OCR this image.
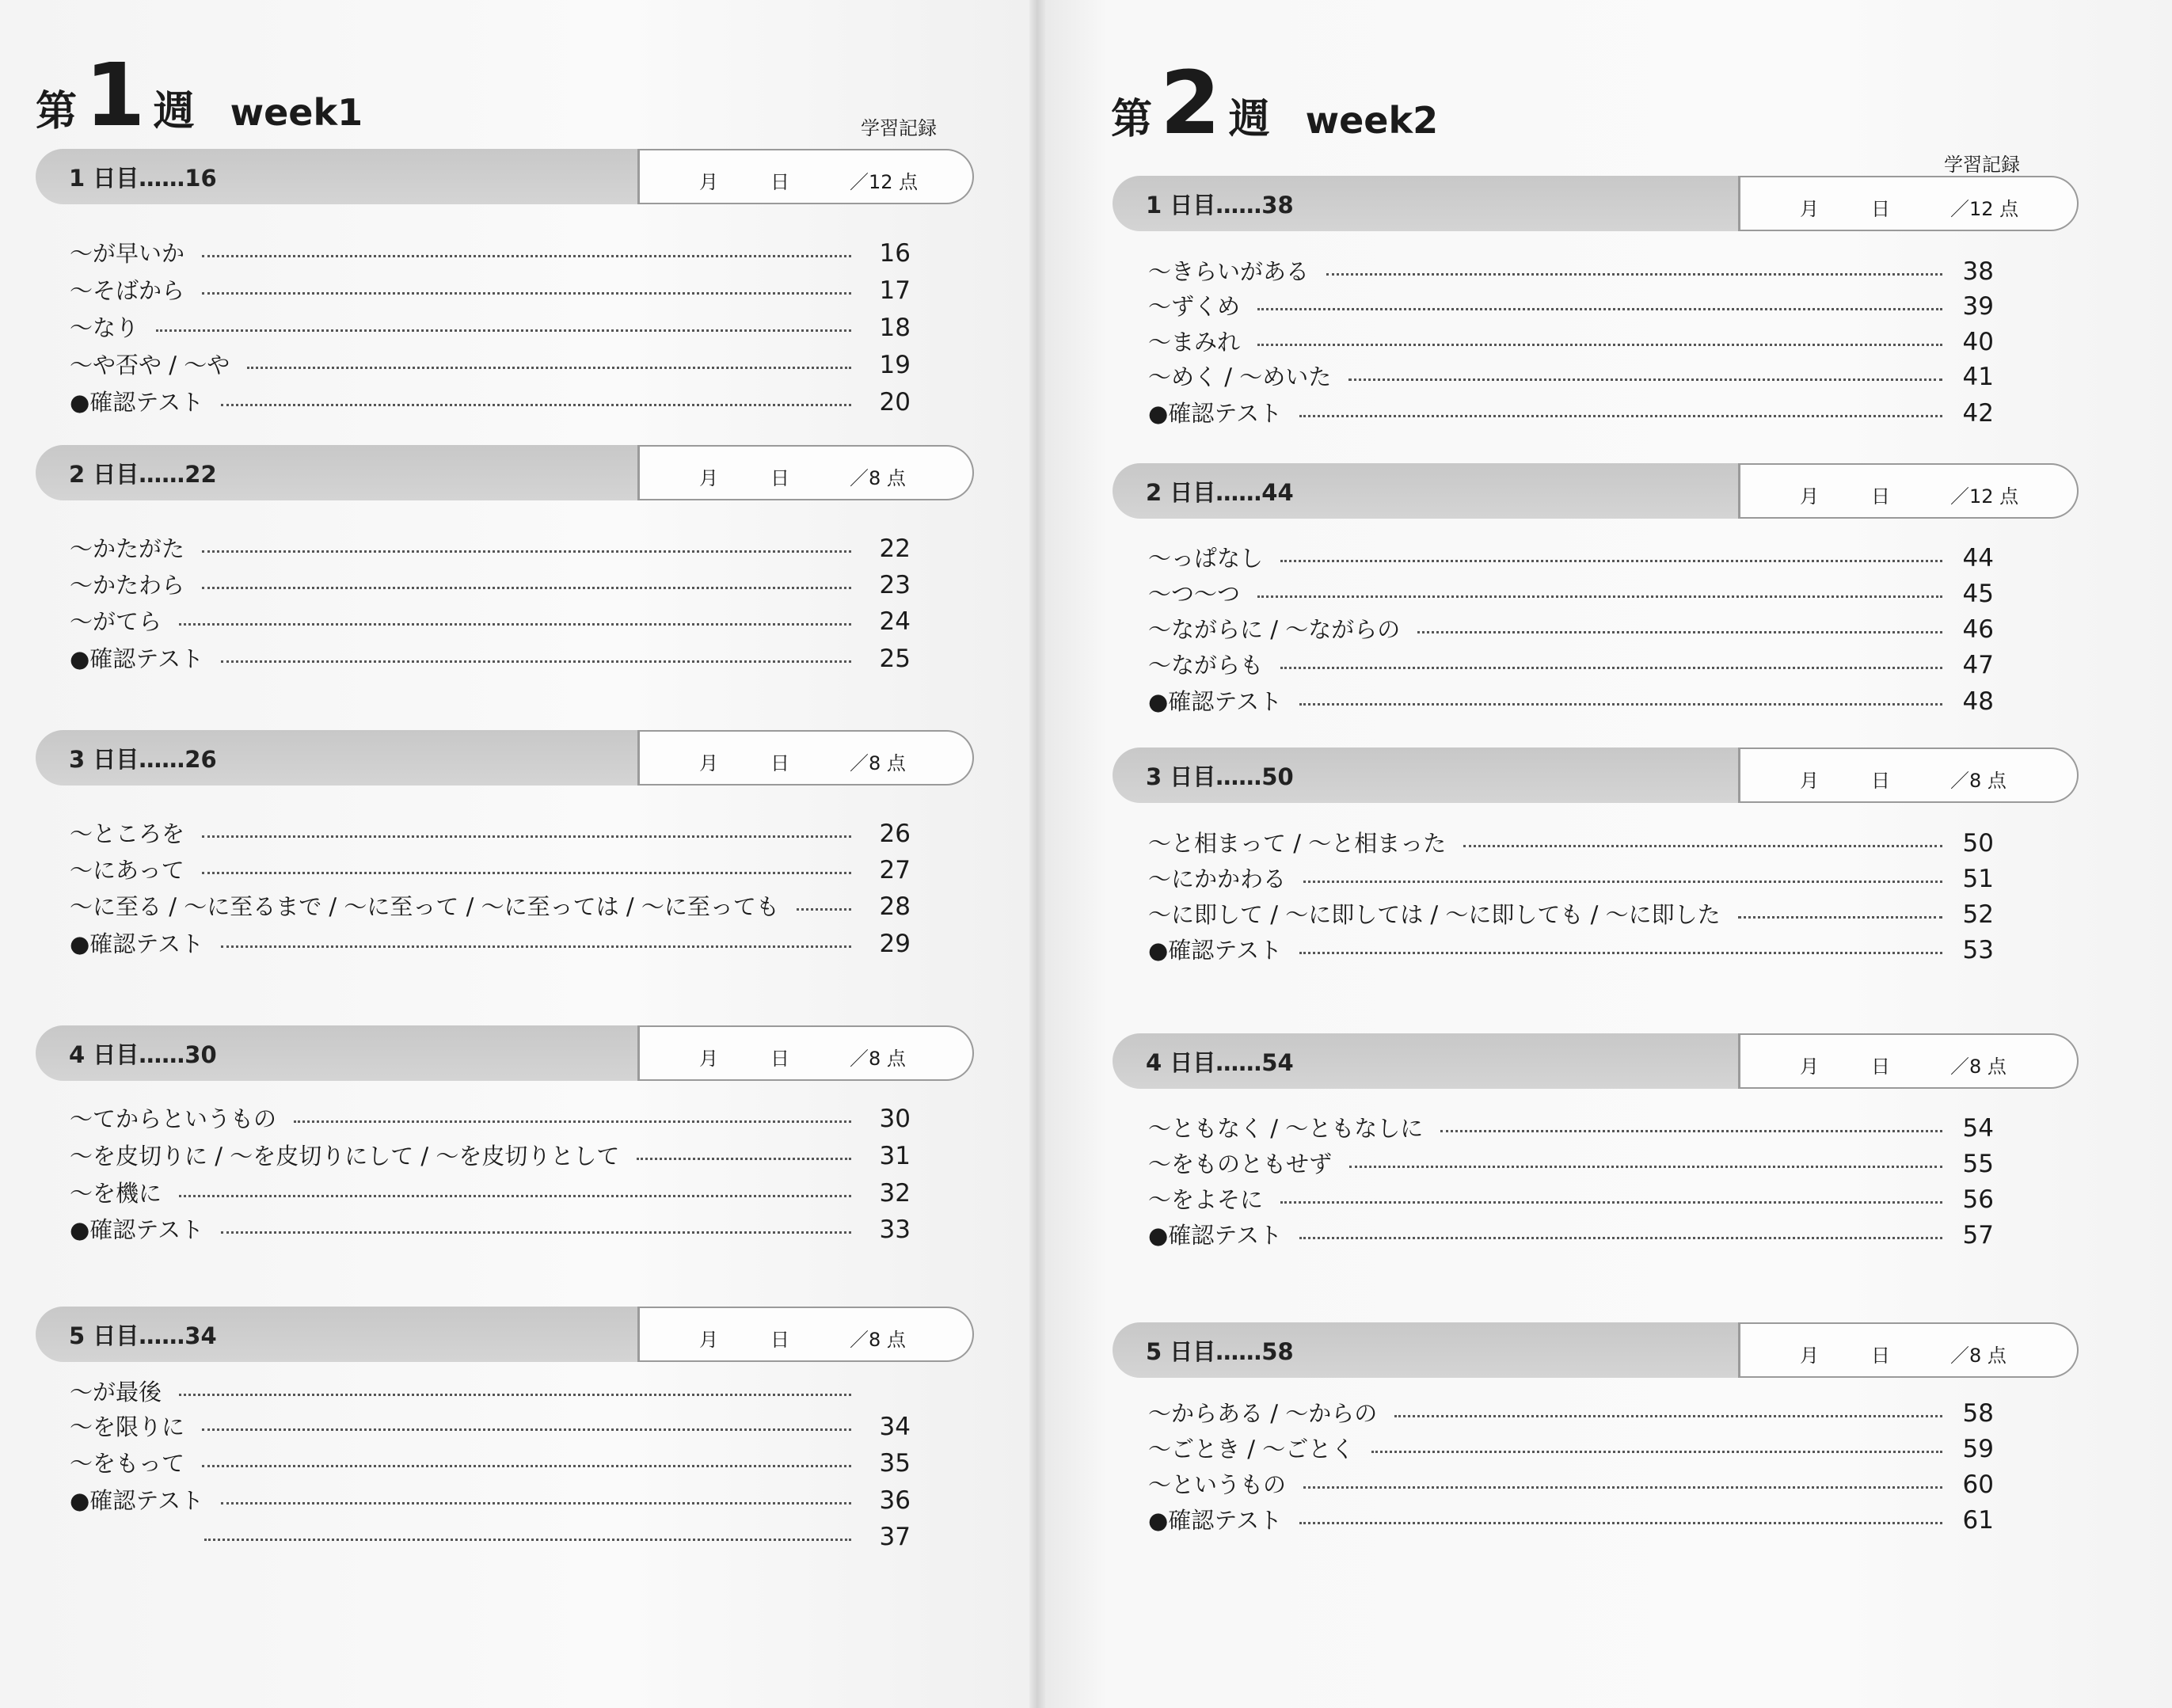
第 1 週 week1	学習記録
1 日目……16	月	日	／12 点
～が早いか	16
～そばから	17
～なり	18
～や否や / ～や	19
●確認テスト	20
2 日目……22	月	日	／8 点
～かたがた	22
～かたわら	23
～がてら	24
●確認テスト	25
3 日目……26	月	日	／8 点
～ところを	26
～にあって	27
～に至る / ～に至るまで / ～に至って / ～に至っては / ～に至っても	28
●確認テスト	29
4 日目……30	月	日	／8 点
～てからというもの	30
～を皮切りに / ～を皮切りにして / ～を皮切りとして	31
～を機に	32
●確認テスト	33
5 日目……34	月	日	／8 点
～が最後
～を限りに	34
～をもって	35
●確認テスト	36
37
第 2 週 week2
学習記録
1 日目……38	月	日	／12 点
～きらいがある	38
～ずくめ	39
～まみれ	40
～めく / ～めいた	41
●確認テスト	42
2 日目……44	月	日	／12 点
～っぱなし	44
～つ～つ	45
～ながらに / ～ながらの	46
～ながらも	47
●確認テスト	48
3 日目……50	月	日	／8 点
～と相まって / ～と相まった	50
～にかかわる	51
～に即して / ～に即しては / ～に即しても / ～に即した	52
●確認テスト	53
4 日目……54	月	日	／8 点
～ともなく / ～ともなしに	54
～をものともせず	55
～をよそに	56
●確認テスト	57
5 日目……58	月	日	／8 点
～からある / ～からの	58
～ごとき / ～ごとく	59
～というもの	60
●確認テスト	61
